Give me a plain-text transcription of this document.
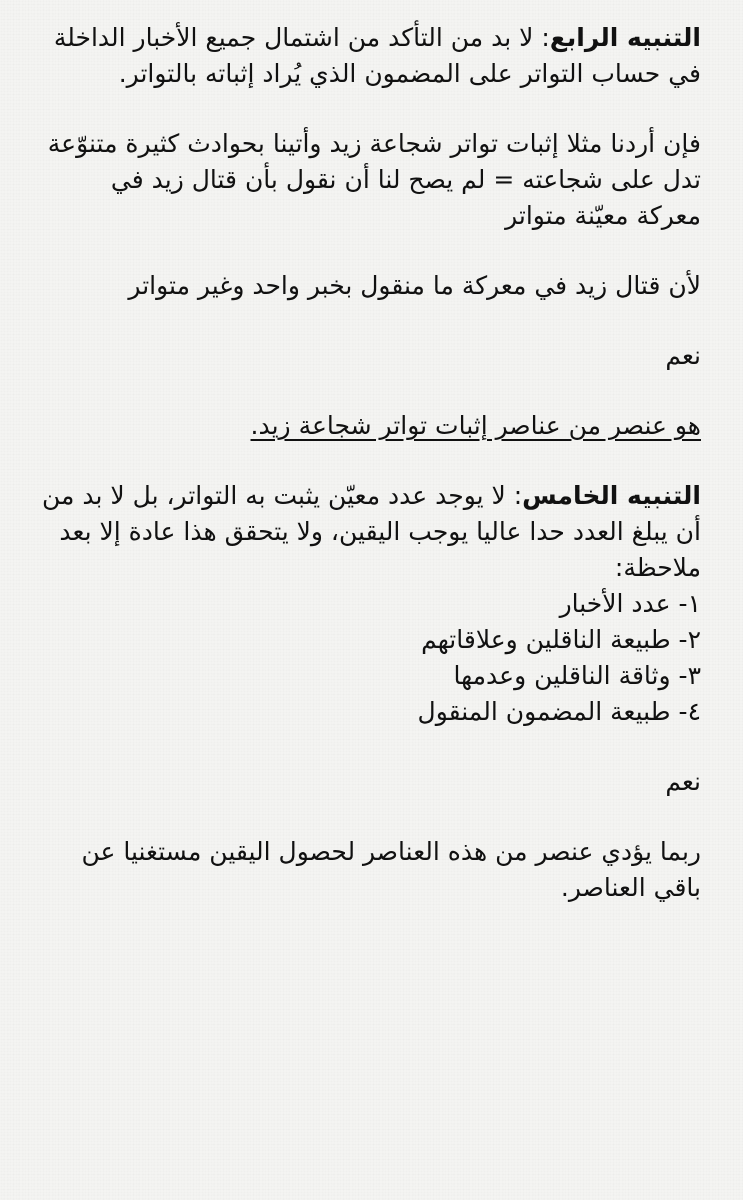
التنبيه الرابع: لا بد من التأكد من اشتمال جميع الأخبار الداخلة في حساب التواتر على المضمون الذي يُراد إثباته بالتواتر.

فإن أردنا مثلا إثبات تواتر شجاعة زيد وأتينا بحوادث كثيرة متنوّعة تدل على شجاعته = لم يصح لنا أن نقول بأن قتال زيد في معركة معيّنة متواتر

لأن قتال زيد في معركة ما منقول بخبر واحد وغير متواتر

نعم

هو عنصر من عناصر إثبات تواتر شجاعة زيد.

التنبيه الخامس: لا يوجد عدد معيّن يثبت به التواتر، بل لا بد من أن يبلغ العدد حدا عاليا يوجب اليقين، ولا يتحقق هذا عادة إلا بعد ملاحظة:

١- عدد الأخبار

٢- طبيعة الناقلين وعلاقاتهم

٣- وثاقة الناقلين وعدمها

٤- طبيعة المضمون المنقول

نعم

ربما يؤدي عنصر من هذه العناصر لحصول اليقين مستغنيا عن باقي العناصر.
